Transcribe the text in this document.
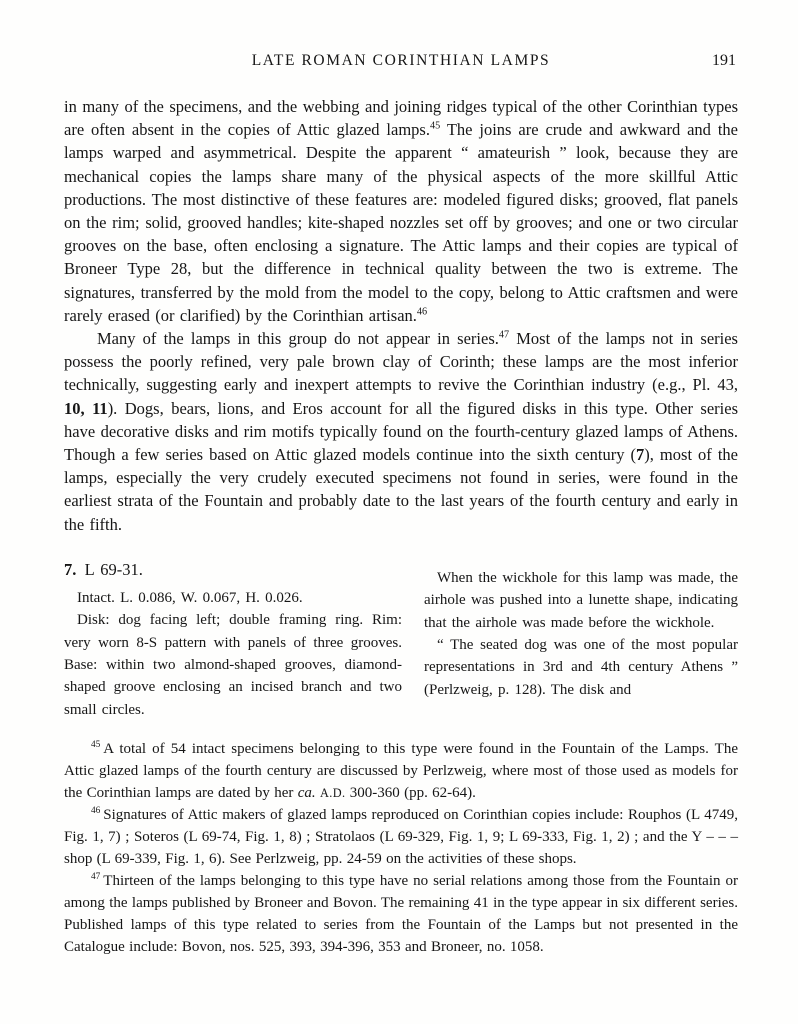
LATE ROMAN CORINTHIAN LAMPS	191

in many of the specimens, and the webbing and joining ridges typical of the other Corinthian types are often absent in the copies of Attic glazed lamps.$^{45}$ The joins are crude and awkward and the lamps warped and asymmetrical. Despite the apparent “ amateurish ” look, because they are mechanical copies the lamps share many of the physical aspects of the more skillful Attic productions. The most distinctive of these features are: modeled figured disks; grooved, flat panels on the rim; solid, grooved handles; kite-shaped nozzles set off by grooves; and one or two circular grooves on the base, often enclosing a signature. The Attic lamps and their copies are typical of Broneer Type 28, but the difference in technical quality between the two is extreme. The signatures, transferred by the mold from the model to the copy, belong to Attic craftsmen and were rarely erased (or clarified) by the Corinthian artisan.$^{46}$

Many of the lamps in this group do not appear in series.$^{47}$ Most of the lamps not in series possess the poorly refined, very pale brown clay of Corinth; these lamps are the most inferior technically, suggesting early and inexpert attempts to revive the Corinthian industry (e.g., Pl. 43, 10, 11). Dogs, bears, lions, and Eros account for all the figured disks in this type. Other series have decorative disks and rim motifs typically found on the fourth-century glazed lamps of Athens. Though a few series based on Attic glazed models continue into the sixth century (7), most of the lamps, especially the very crudely executed specimens not found in series, were found in the earliest strata of the Fountain and probably date to the last years of the fourth century and early in the fifth.

7. L 69-31.

Intact. L. 0.086, W. 0.067, H. 0.026.

Disk: dog facing left; double framing ring. Rim: very worn 8-S pattern with panels of three grooves. Base: within two almond-shaped grooves, diamond-shaped groove enclosing an incised branch and two small circles.

When the wickhole for this lamp was made, the airhole was pushed into a lunette shape, indicating that the airhole was made before the wickhole.

“ The seated dog was one of the most popular representations in 3rd and 4th century Athens ” (Perlzweig, p. 128). The disk and

$^{45}$ A total of 54 intact specimens belonging to this type were found in the Fountain of the Lamps. The Attic glazed lamps of the fourth century are discussed by Perlzweig, where most of those used as models for the Corinthian lamps are dated by her ca. A.D. 300-360 (pp. 62-64).

$^{46}$ Signatures of Attic makers of glazed lamps reproduced on Corinthian copies include: Rouphos (L 4749, Fig. 1, 7) ; Soteros (L 69-74, Fig. 1, 8) ; Stratolaos (L 69-329, Fig. 1, 9; L 69-333, Fig. 1, 2) ; and the Y – – – shop (L 69-339, Fig. 1, 6). See Perlzweig, pp. 24-59 on the activities of these shops.

$^{47}$ Thirteen of the lamps belonging to this type have no serial relations among those from the Fountain or among the lamps published by Broneer and Bovon. The remaining 41 in the type appear in six different series. Published lamps of this type related to series from the Fountain of the Lamps but not presented in the Catalogue include: Bovon, nos. 525, 393, 394-396, 353 and Broneer, no. 1058.
